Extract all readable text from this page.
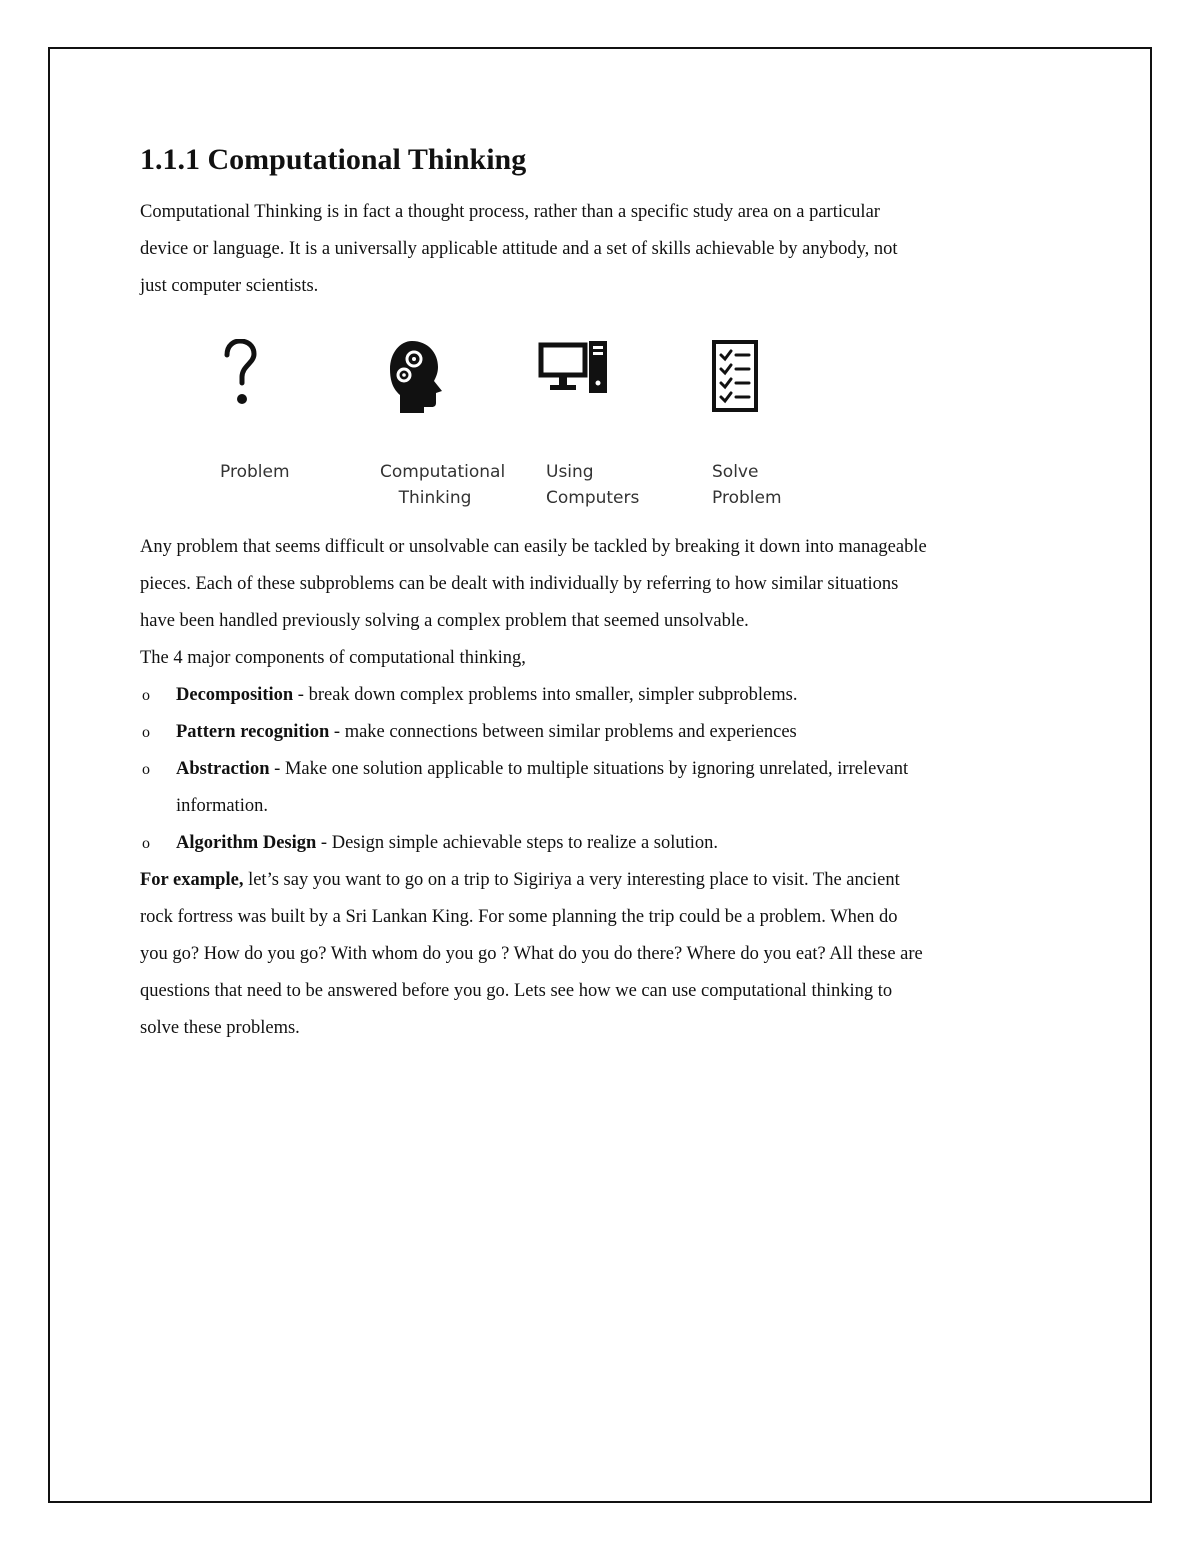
1.1.1 Computational Thinking

Computational Thinking is in fact a thought process, rather than a specific study area on a particular

device or language. It is a universally applicable attitude and a set of skills achievable by anybody, not

just computer scientists.

Problem	Computational
Thinking
Using
Computers
Solve
Problem

Any problem that seems difficult or unsolvable can easily be tackled by breaking it down into manageable

pieces. Each of these subproblems can be dealt with individually by referring to how similar situations

have been handled previously solving a complex problem that seemed unsolvable.

The 4 major components of computational thinking,

o Decomposition - break down complex problems into smaller, simpler subproblems.
o Pattern recognition - make connections between similar problems and experiences
o Abstraction - Make one solution applicable to multiple situations by ignoring unrelated, irrelevant
information.
o Algorithm Design - Design simple achievable steps to realize a solution.

For example, let’s say you want to go on a trip to Sigiriya a very interesting place to visit. The ancient

rock fortress was built by a Sri Lankan King. For some planning the trip could be a problem. When do

you go? How do you go? With whom do you go ? What do you do there? Where do you eat? All these are

questions that need to be answered before you go. Lets see how we can use computational thinking to

solve these problems.
